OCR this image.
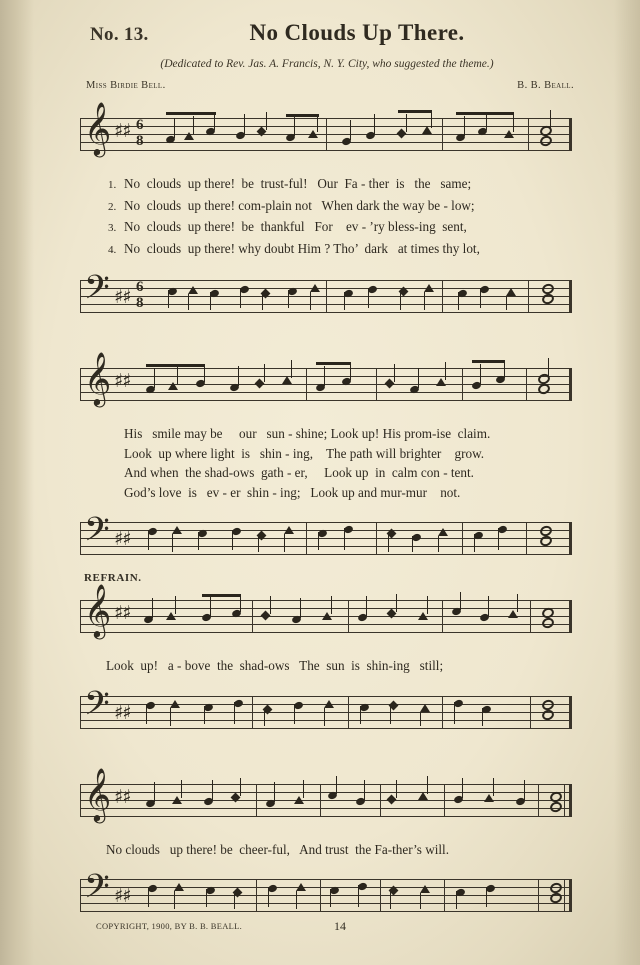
No. 13.	No Clouds Up There.
(Dedicated to Rev. Jas. A. Francis, N. Y. City, who suggested the theme.)
Miss Birdie Bell.	B. B. Beall.
𝄞 ♯♯ 6
8
1. No  clouds  up there!  be  trust-ful!   Our  Fa - ther  is   the   same;
2. No  clouds  up there! com-plain not   When dark the way be - low;
3. No  clouds  up there!  be  thankful   For    ev - ’ry bless-ing  sent,
4. No  clouds  up there! why doubt Him ? Tho’  dark   at times thy lot,
𝄢 ♯♯ 6
8
𝄞 ♯♯
His   smile may be     our   sun - shine; Look up! His prom-ise  claim.
Look  up where light  is   shin - ing,    The path will brighter    grow.
And when  the shad-ows  gath - er,     Look up  in  calm con - tent.
God’s love  is   ev - er  shin - ing;   Look up and mur-mur    not.
𝄢 ♯♯
REFRAIN.
𝄞 ♯♯
Look  up!   a - bove  the  shad-ows   The  sun  is  shin-ing   still;
𝄢 ♯♯
𝄞 ♯♯
No clouds   up there! be  cheer-ful,   And trust  the Fa-ther’s will.
𝄢 ♯♯
COPYRIGHT, 1900, BY B. B. BEALL.	14
